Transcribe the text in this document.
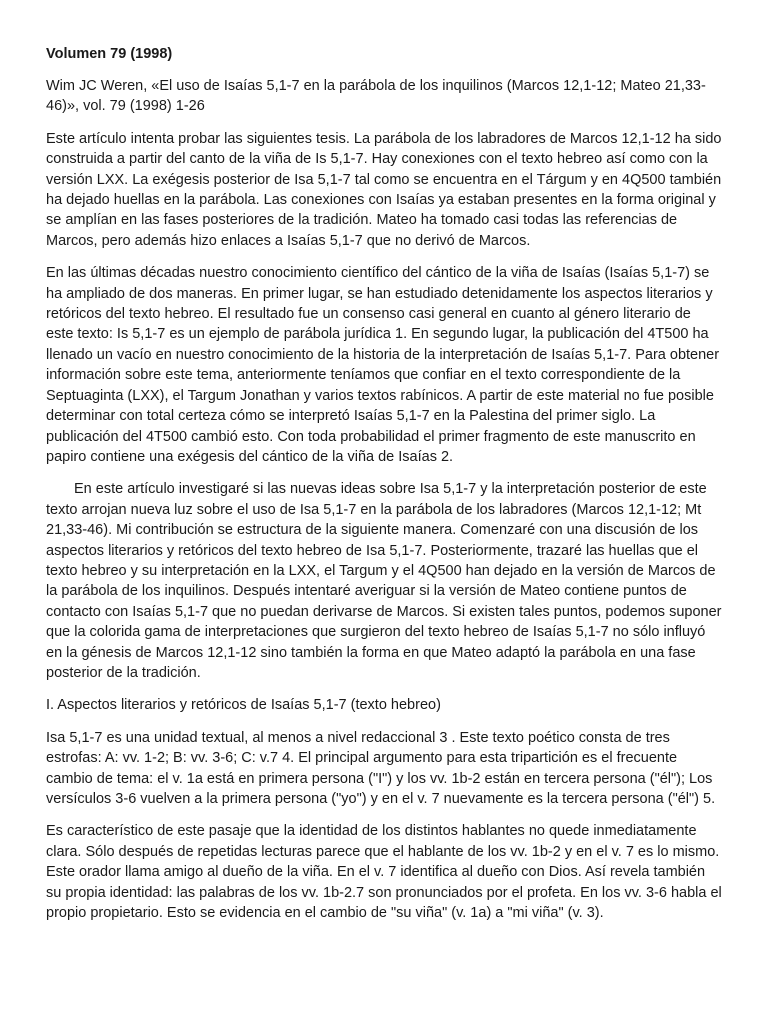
Volumen 79 (1998)

Wim JC Weren, «El uso de Isaías 5,1-7 en la parábola de los inquilinos (Marcos 12,1-12; Mateo 21,33-46)», vol. 79 (1998) 1-26

Este artículo intenta probar las siguientes tesis. La parábola de los labradores de Marcos 12,1-12 ha sido construida a partir del canto de la viña de Is 5,1-7. Hay conexiones con el texto hebreo así como con la versión LXX. La exégesis posterior de Isa 5,1-7 tal como se encuentra en el Tárgum y en 4Q500 también ha dejado huellas en la parábola. Las conexiones con Isaías ya estaban presentes en la forma original y se amplían en las fases posteriores de la tradición. Mateo ha tomado casi todas las referencias de Marcos, pero además hizo enlaces a Isaías 5,1-7 que no derivó de Marcos.

En las últimas décadas nuestro conocimiento científico del cántico de la viña de Isaías (Isaías 5,1-7) se ha ampliado de dos maneras. En primer lugar, se han estudiado detenidamente los aspectos literarios y retóricos del texto hebreo. El resultado fue un consenso casi general en cuanto al género literario de este texto: Is 5,1-7 es un ejemplo de parábola jurídica 1. En segundo lugar, la publicación del 4T500 ha llenado un vacío en nuestro conocimiento de la historia de la interpretación de Isaías 5,1-7. Para obtener información sobre este tema, anteriormente teníamos que confiar en el texto correspondiente de la Septuaginta (LXX), el Targum Jonathan y varios textos rabínicos. A partir de este material no fue posible determinar con total certeza cómo se interpretó Isaías 5,1-7 en la Palestina del primer siglo. La publicación del 4T500 cambió esto. Con toda probabilidad el primer fragmento de este manuscrito en papiro contiene una exégesis del cántico de la viña de Isaías 2.

En este artículo investigaré si las nuevas ideas sobre Isa 5,1-7 y la interpretación posterior de este texto arrojan nueva luz sobre el uso de Isa 5,1-7 en la parábola de los labradores (Marcos 12,1-12; Mt 21,33-46). Mi contribución se estructura de la siguiente manera. Comenzaré con una discusión de los aspectos literarios y retóricos del texto hebreo de Isa 5,1-7. Posteriormente, trazaré las huellas que el texto hebreo y su interpretación en la LXX, el Targum y el 4Q500 han dejado en la versión de Marcos de la parábola de los inquilinos. Después intentaré averiguar si la versión de Mateo contiene puntos de contacto con Isaías 5,1-7 que no puedan derivarse de Marcos. Si existen tales puntos, podemos suponer que la colorida gama de interpretaciones que surgieron del texto hebreo de Isaías 5,1-7 no sólo influyó en la génesis de Marcos 12,1-12 sino también la forma en que Mateo adaptó la parábola en una fase posterior de la tradición.

I. Aspectos literarios y retóricos de Isaías 5,1-7 (texto hebreo)

Isa 5,1-7 es una unidad textual, al menos a nivel redaccional 3 . Este texto poético consta de tres estrofas: A: vv. 1-2; B: vv. 3-6; C: v.7 4. El principal argumento para esta tripartición es el frecuente cambio de tema: el v. 1a está en primera persona ("I") y los vv. 1b-2 están en tercera persona ("él"); Los versículos 3-6 vuelven a la primera persona ("yo") y en el v. 7 nuevamente es la tercera persona ("él") 5.

Es característico de este pasaje que la identidad de los distintos hablantes no quede inmediatamente clara. Sólo después de repetidas lecturas parece que el hablante de los vv. 1b-2 y en el v. 7 es lo mismo. Este orador llama amigo al dueño de la viña. En el v. 7 identifica al dueño con Dios. Así revela también su propia identidad: las palabras de los vv. 1b-2.7 son pronunciados por el profeta. En los vv. 3-6 habla el propio propietario. Esto se evidencia en el cambio de "su viña" (v. 1a) a "mi viña" (v. 3).
